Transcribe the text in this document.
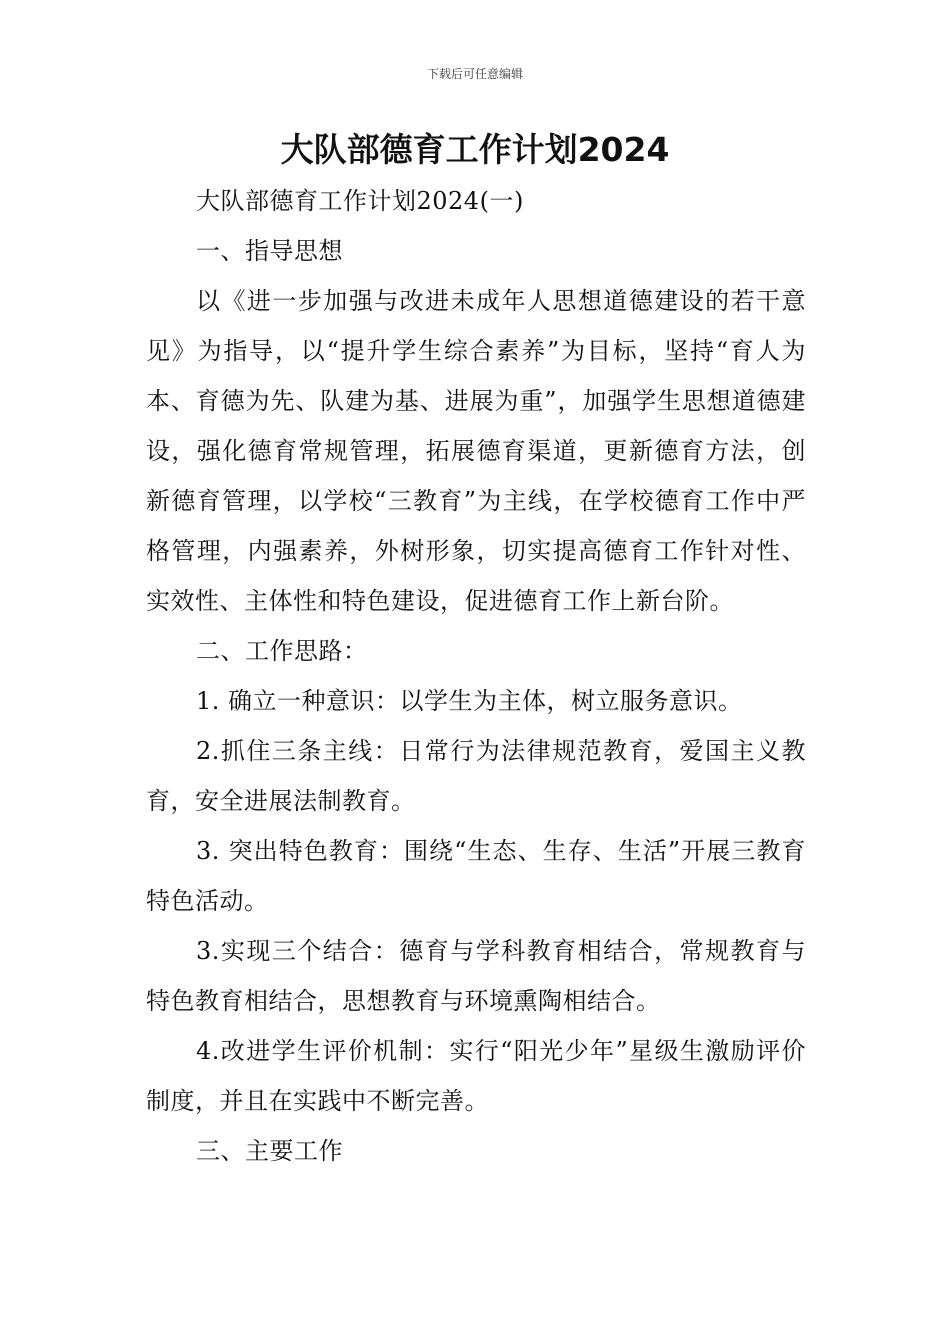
下载后可任意编辑
大队部德育工作计划2024

大队部德育工作计划2024(一)

一、指导思想

以《进一步加强与改进未成年人思想道德建设的若干意见》为指导，以“提升学生综合素养”为目标，坚持“育人为本、育德为先、队建为基、进展为重”，加强学生思想道德建设，强化德育常规管理，拓展德育渠道，更新德育方法，创新德育管理，以学校“三教育”为主线，在学校德育工作中严格管理，内强素养，外树形象，切实提高德育工作针对性、实效性、主体性和特色建设，促进德育工作上新台阶。

二、工作思路：

1. 确立一种意识：以学生为主体，树立服务意识。

2.抓住三条主线：日常行为法律规范教育，爱国主义教育，安全进展法制教育。

3. 突出特色教育：围绕“生态、生存、生活”开展三教育特色活动。

3.实现三个结合：德育与学科教育相结合，常规教育与特色教育相结合，思想教育与环境熏陶相结合。

4.改进学生评价机制：实行“阳光少年”星级生激励评价制度，并且在实践中不断完善。

三、主要工作
